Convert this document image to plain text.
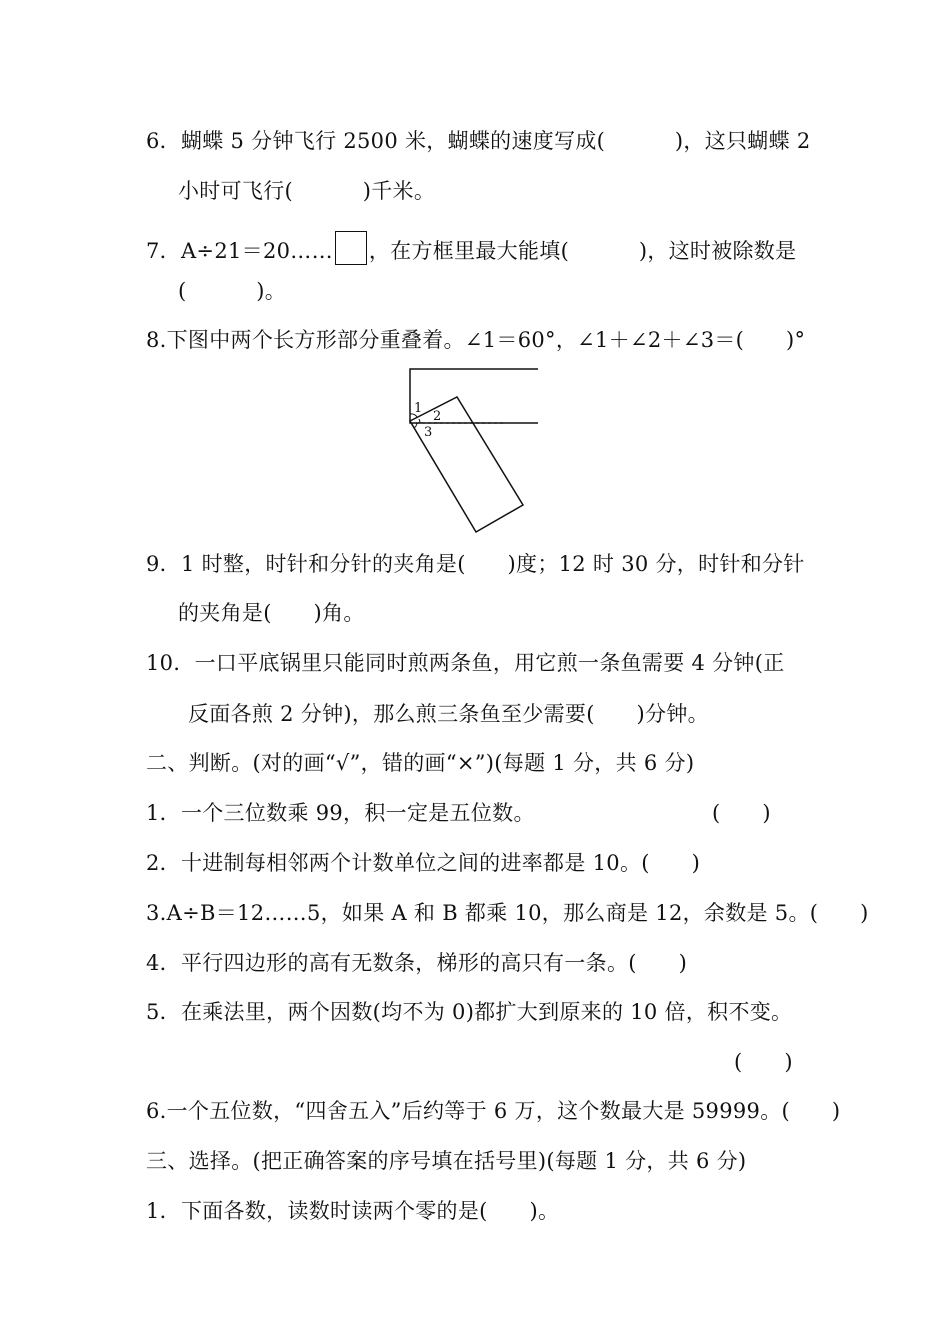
6．蝴蝶 5 分钟飞行 2500 米，蝴蝶的速度写成(          )，这只蝴蝶 2
小时可飞行(          )千米。
7．A÷21＝20…… ，在方框里最大能填(          )，这时被除数是
(          )。
8.下图中两个长方形部分重叠着。∠1＝60°，∠1＋∠2＋∠3＝(      )°
1
2
3
9．1 时整，时针和分针的夹角是(      )度；12 时 30 分，时针和分针
的夹角是(      )角。
10．一口平底锅里只能同时煎两条鱼，用它煎一条鱼需要 4 分钟(正
反面各煎 2 分钟)，那么煎三条鱼至少需要(      )分钟。
二、判断。(对的画“√”，错的画“×”)(每题 1 分，共 6 分)
1．一个三位数乘 99，积一定是五位数。	(      )
2．十进制每相邻两个计数单位之间的进率都是 10。(      )
3.A÷B＝12……5，如果 A 和 B 都乘 10，那么商是 12，余数是 5。(      )
4．平行四边形的高有无数条，梯形的高只有一条。(      )
5．在乘法里，两个因数(均不为 0)都扩大到原来的 10 倍，积不变。
(      )
6.一个五位数，“四舍五入”后约等于 6 万，这个数最大是 59999。(      )
三、选择。(把正确答案的序号填在括号里)(每题 1 分，共 6 分)
1．下面各数，读数时读两个零的是(      )。
